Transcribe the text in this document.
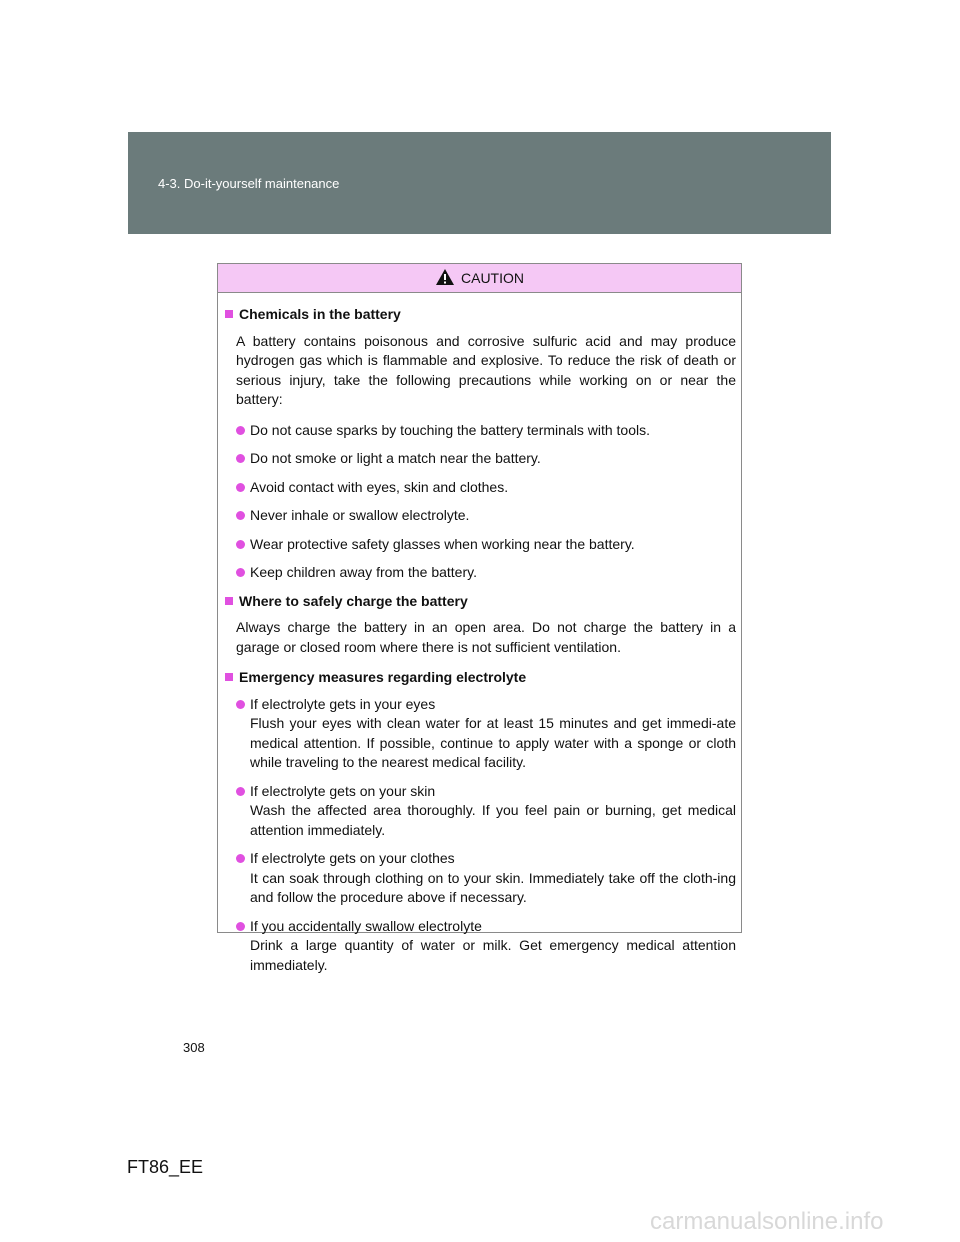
4-3. Do-it-yourself maintenance
CAUTION
Chemicals in the battery
A battery contains poisonous and corrosive sulfuric acid and may produce hydrogen gas which is flammable and explosive. To reduce the risk of death or serious injury, take the following precautions while working on or near the battery:
Do not cause sparks by touching the battery terminals with tools.
Do not smoke or light a match near the battery.
Avoid contact with eyes, skin and clothes.
Never inhale or swallow electrolyte.
Wear protective safety glasses when working near the battery.
Keep children away from the battery.
Where to safely charge the battery
Always charge the battery in an open area. Do not charge the battery in a garage or closed room where there is not sufficient ventilation.
Emergency measures regarding electrolyte

If electrolyte gets in your eyes

Flush your eyes with clean water for at least 15 minutes and get immedi-ate medical attention. If possible, continue to apply water with a sponge or cloth while traveling to the nearest medical facility.

If electrolyte gets on your skin

Wash the affected area thoroughly. If you feel pain or burning, get medical attention immediately.

If electrolyte gets on your clothes

It can soak through clothing on to your skin. Immediately take off the cloth-ing and follow the procedure above if necessary.

If you accidentally swallow electrolyte

Drink a large quantity of water or milk. Get emergency medical attention immediately.

308
FT86_EE
carmanualsonline.info
